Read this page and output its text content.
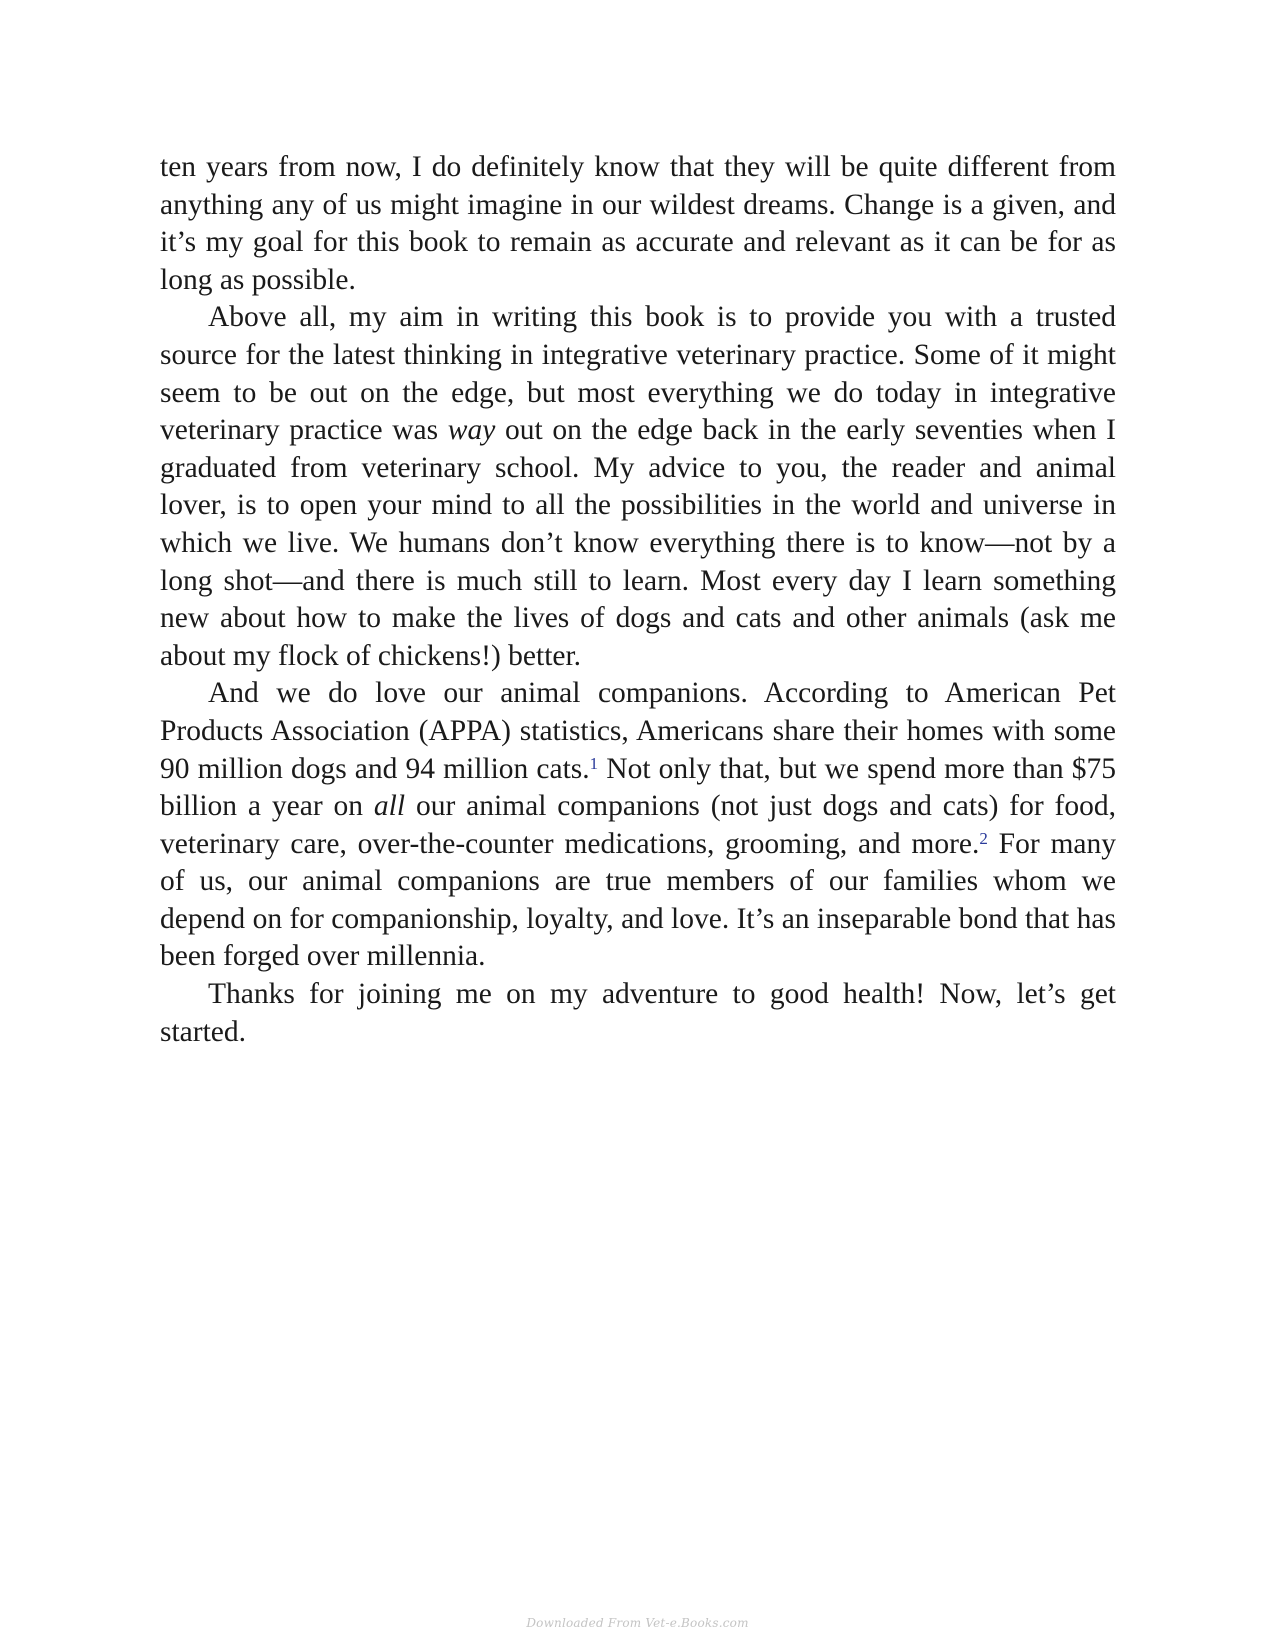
ten years from now, I do definitely know that they will be quite different from anything any of us might imagine in our wildest dreams. Change is a given, and it’s my goal for this book to remain as accurate and relevant as it can be for as long as possible.

Above all, my aim in writing this book is to provide you with a trusted source for the latest thinking in integrative veterinary practice. Some of it might seem to be out on the edge, but most everything we do today in integrative veterinary practice was way out on the edge back in the early seventies when I graduated from veterinary school. My advice to you, the reader and animal lover, is to open your mind to all the possibilities in the world and universe in which we live. We humans don’t know everything there is to know—not by a long shot—and there is much still to learn. Most every day I learn something new about how to make the lives of dogs and cats and other animals (ask me about my flock of chickens!) better.

And we do love our animal companions. According to American Pet Products Association (APPA) statistics, Americans share their homes with some 90 million dogs and 94 million cats.$^1$ Not only that, but we spend more than $75 billion a year on all our animal companions (not just dogs and cats) for food, veterinary care, over-the-counter medications, grooming, and more.$^2$ For many of us, our animal companions are true members of our families whom we depend on for companionship, loyalty, and love. It’s an inseparable bond that has been forged over millennia.

Thanks for joining me on my adventure to good health! Now, let’s get started.

Downloaded From Vet-e.Books.com
